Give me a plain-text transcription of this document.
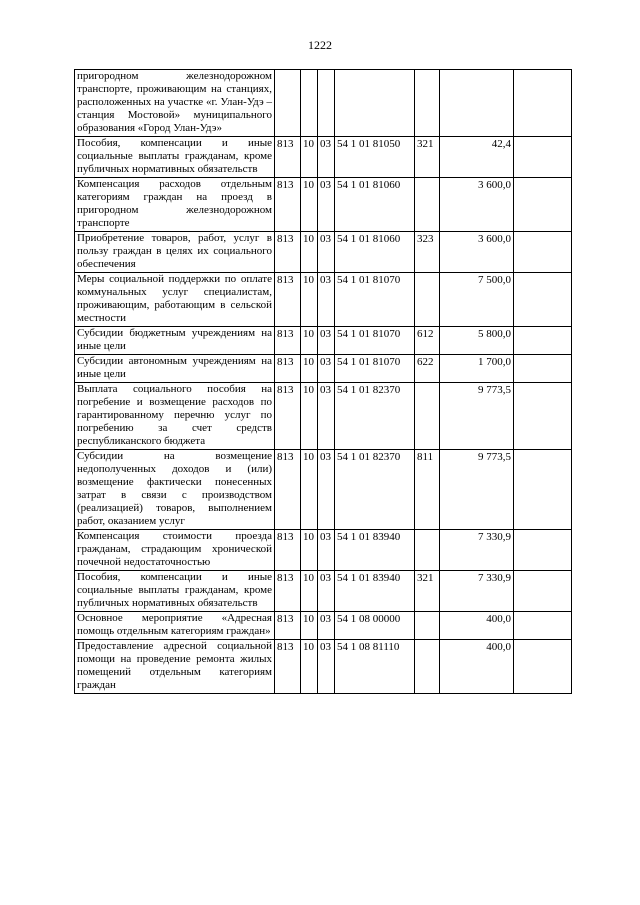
1222
пригородном железнодорожном транспорте, проживающим на станциях, расположенных на участке «г. Улан-Удэ – станция Мостовой» муниципального образования «Город Улан-Удэ»							
Пособия, компенсации и иные социальные выплаты гражданам, кроме публичных нормативных обязательств	813	10	03	54 1 01 81050	321	42,4	
Компенсация расходов отдельным категориям граждан на проезд в пригородном железнодорожном транспорте	813	10	03	54 1 01 81060		3 600,0	
Приобретение товаров, работ, услуг в пользу граждан в целях их социального обеспечения	813	10	03	54 1 01 81060	323	3 600,0	
Меры социальной поддержки по оплате коммунальных услуг специалистам, проживающим, работающим в сельской местности	813	10	03	54 1 01 81070		7 500,0	
Субсидии бюджетным учреждениям на иные цели	813	10	03	54 1 01 81070	612	5 800,0	
Субсидии автономным учреждениям на иные цели	813	10	03	54 1 01 81070	622	1 700,0	
Выплата социального пособия на погребение и возмещение расходов по гарантированному перечню услуг по погребению за счет средств республиканского бюджета	813	10	03	54 1 01 82370		9 773,5	
Субсидии на возмещение недополученных доходов и (или) возмещение фактически понесенных затрат в связи с производством (реализацией) товаров, выполнением работ, оказанием услуг	813	10	03	54 1 01 82370	811	9 773,5	
Компенсация стоимости проезда гражданам, страдающим хронической почечной недостаточностью	813	10	03	54 1 01 83940		7 330,9	
Пособия, компенсации и иные социальные выплаты гражданам, кроме публичных нормативных обязательств	813	10	03	54 1 01 83940	321	7 330,9	
Основное мероприятие «Адресная помощь отдельным категориям граждан»	813	10	03	54 1 08 00000		400,0	
Предоставление адресной социальной помощи на проведение ремонта жилых помещений отдельным категориям граждан	813	10	03	54 1 08 81110		400,0	
